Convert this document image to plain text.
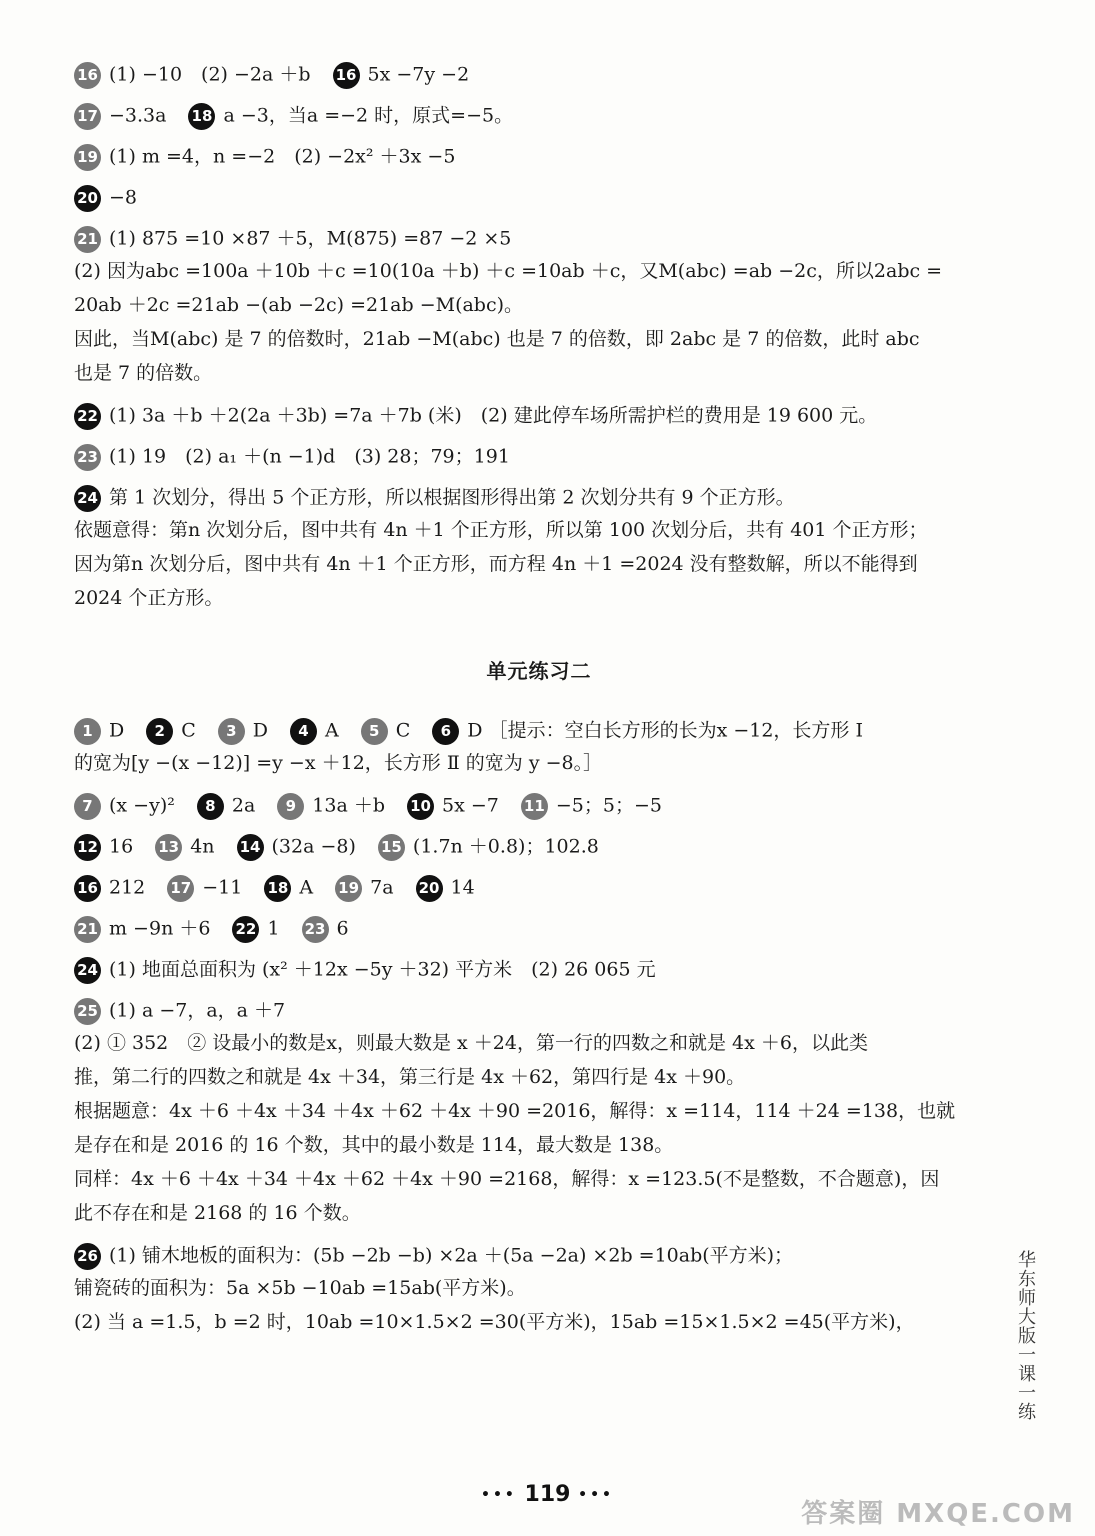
16 (1) −10　(2) −2a ＋b 16 5x −7y −2
17 −3.3a 18 a −3，当a =−2 时，原式=−5。
19 (1) m =4，n =−2　(2) −2x² ＋3x −5
20 −8
21 (1) 875 =10 ×87 ＋5，M(875) =87 −2 ×5
(2) 因为abc =100a ＋10b ＋c =10(10a ＋b) ＋c =10ab ＋c，又M(abc) =ab −2c，所以2abc =
20ab ＋2c =21ab −(ab −2c) =21ab −M(abc)。
因此，当M(abc) 是 7 的倍数时，21ab −M(abc) 也是 7 的倍数，即 2abc 是 7 的倍数，此时 abc
也是 7 的倍数。
22 (1) 3a ＋b ＋2(2a ＋3b) =7a ＋7b (米)　(2) 建此停车场所需护栏的费用是 19 600 元。
23 (1) 19　(2) a₁ ＋(n −1)d　(3) 28；79；191
24 第 1 次划分，得出 5 个正方形，所以根据图形得出第 2 次划分共有 9 个正方形。
依题意得：第n 次划分后，图中共有 4n ＋1 个正方形，所以第 100 次划分后，共有 401 个正方形；
因为第n 次划分后，图中共有 4n ＋1 个正方形，而方程 4n ＋1 =2024 没有整数解，所以不能得到
2024 个正方形。
单元练习二
1 D 2 C 3 D 4 A 5 C 6 D ［提示：空白长方形的长为x −12，长方形 Ⅰ
的宽为[y −(x −12)] =y −x ＋12，长方形 Ⅱ 的宽为 y −8。］
7 (x −y)² 8 2a 9 13a ＋b 10 5x −7 11 −5；5；−5
12 16 13 4n 14 (32a −8) 15 (1.7n ＋0.8)；102.8
16 212 17 −11 18 A 19 7a 20 14
21 m −9n ＋6 22 1 23 6
24 (1) 地面总面积为 (x² ＋12x −5y ＋32) 平方米　(2) 26 065 元
25 (1) a −7，a，a ＋7
(2) ① 352　② 设最小的数是x，则最大数是 x ＋24，第一行的四数之和就是 4x ＋6，以此类
推，第二行的四数之和就是 4x ＋34，第三行是 4x ＋62，第四行是 4x ＋90。
根据题意：4x ＋6 ＋4x ＋34 ＋4x ＋62 ＋4x ＋90 =2016，解得：x =114，114 ＋24 =138，也就
是存在和是 2016 的 16 个数，其中的最小数是 114，最大数是 138。
同样：4x ＋6 ＋4x ＋34 ＋4x ＋62 ＋4x ＋90 =2168，解得：x =123.5(不是整数，不合题意)，因
此不存在和是 2168 的 16 个数。
26 (1) 铺木地板的面积为：(5b −2b −b) ×2a ＋(5a −2a) ×2b =10ab(平方米)；
铺瓷砖的面积为：5a ×5b −10ab =15ab(平方米)。
(2) 当 a =1.5，b =2 时，10ab =10×1.5×2 =30(平方米)，15ab =15×1.5×2 =45(平方米)，	华东师大版一课一练
••• 119 •••
答案圈 MXQE.COM
